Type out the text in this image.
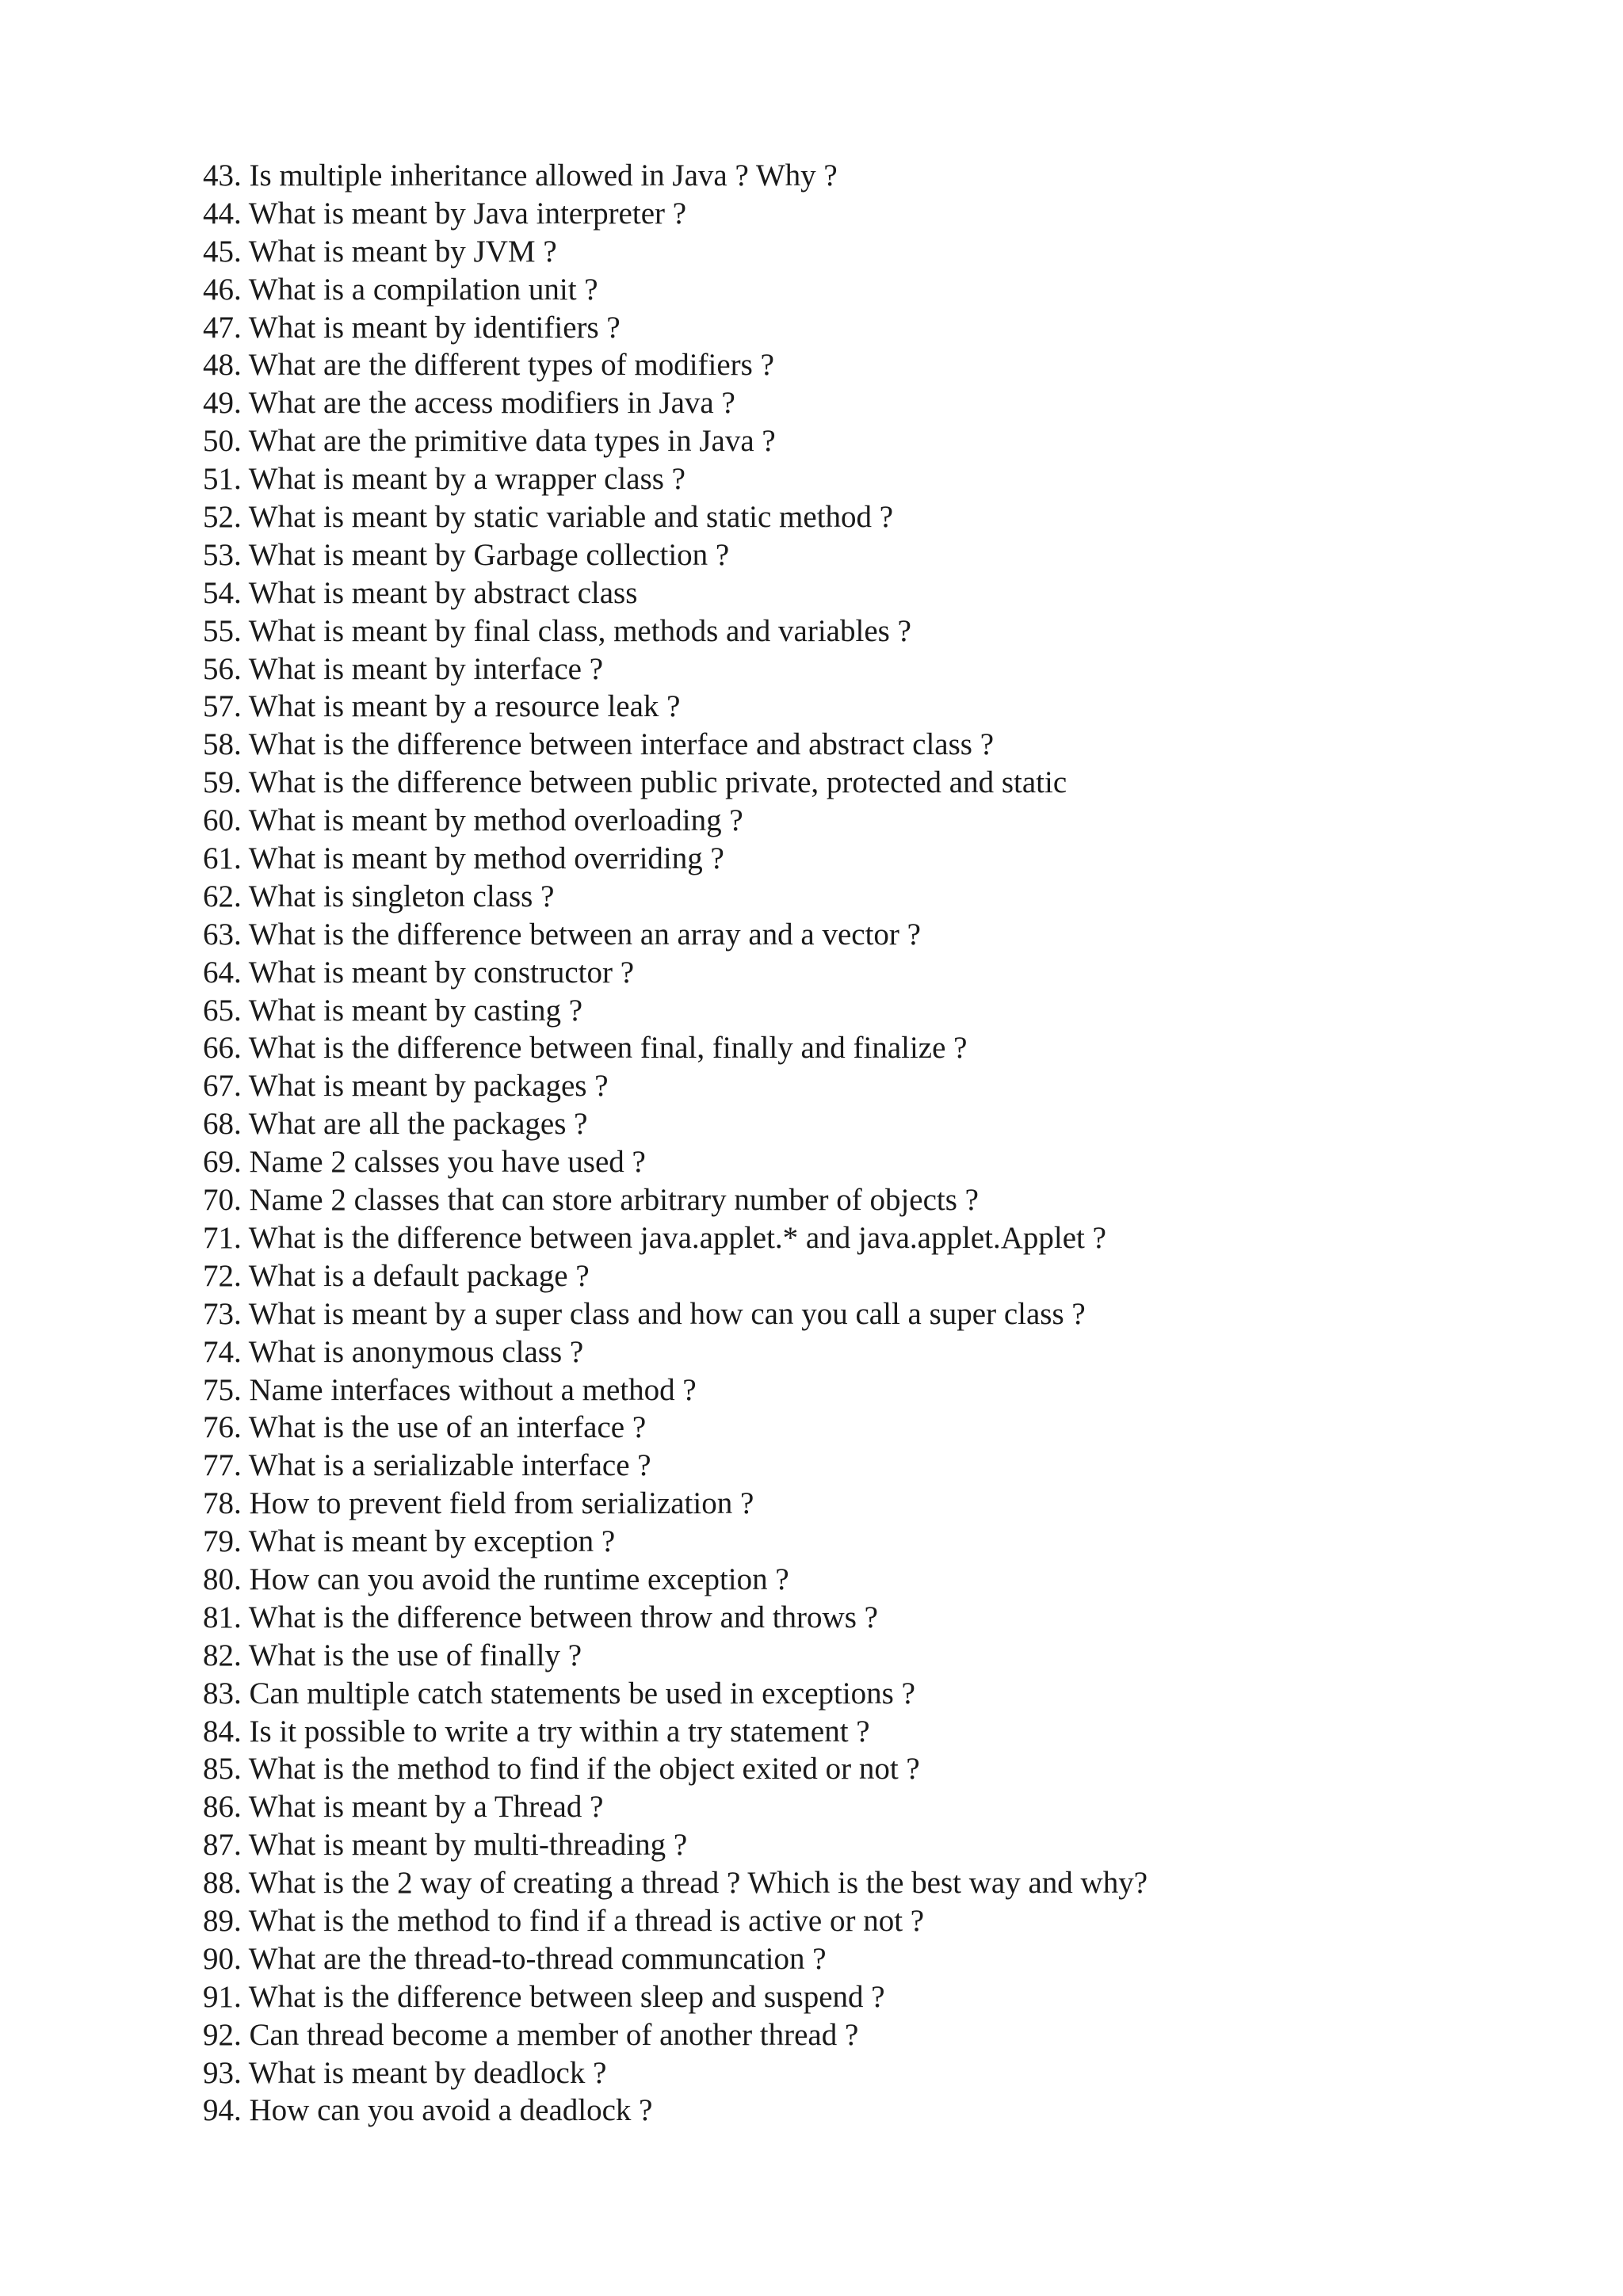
43. Is multiple inheritance allowed in Java ? Why ?
44. What is meant by Java interpreter ?
45. What is meant by JVM ?
46. What is a compilation unit ?
47. What is meant by identifiers ?
48. What are the different types of modifiers ?
49. What are the access modifiers in Java ?
50. What are the primitive data types in Java ?
51. What is meant by a wrapper class ?
52. What is meant by static variable and static method ?
53. What is meant by Garbage collection ?
54. What is meant by abstract class
55. What is meant by final class, methods and variables ?
56. What is meant by interface ?
57. What is meant by a resource leak ?
58. What is the difference between interface and abstract class ?
59. What is the difference between public private, protected and static
60. What is meant by method overloading ?
61. What is meant by method overriding ?
62. What is singleton class ?
63. What is the difference between an array and a vector ?
64. What is meant by constructor ?
65. What is meant by casting ?
66. What is the difference between final, finally and finalize ?
67. What is meant by packages ?
68. What are all the packages ?
69. Name 2 calsses you have used ?
70. Name 2 classes that can store arbitrary number of objects ?
71. What is the difference between java.applet.* and java.applet.Applet ?
72. What is a default package ?
73. What is meant by a super class and how can you call a super class ?
74. What is anonymous class ?
75. Name interfaces without a method ?
76. What is the use of an interface ?
77. What is a serializable interface ?
78. How to prevent field from serialization ?
79. What is meant by exception ?
80. How can you avoid the runtime exception ?
81. What is the difference between throw and throws ?
82. What is the use of finally ?
83. Can multiple catch statements be used in exceptions ?
84. Is it possible to write a try within a try statement ?
85. What is the method to find if the object exited or not ?
86. What is meant by a Thread ?
87. What is meant by multi-threading ?
88. What is the 2 way of creating a thread ? Which is the best way and why?
89. What is the method to find if a thread is active or not ?
90. What are the thread-to-thread communcation ?
91. What is the difference between sleep and suspend ?
92. Can thread become a member of another thread ?
93. What is meant by deadlock ?
94. How can you avoid a deadlock ?
